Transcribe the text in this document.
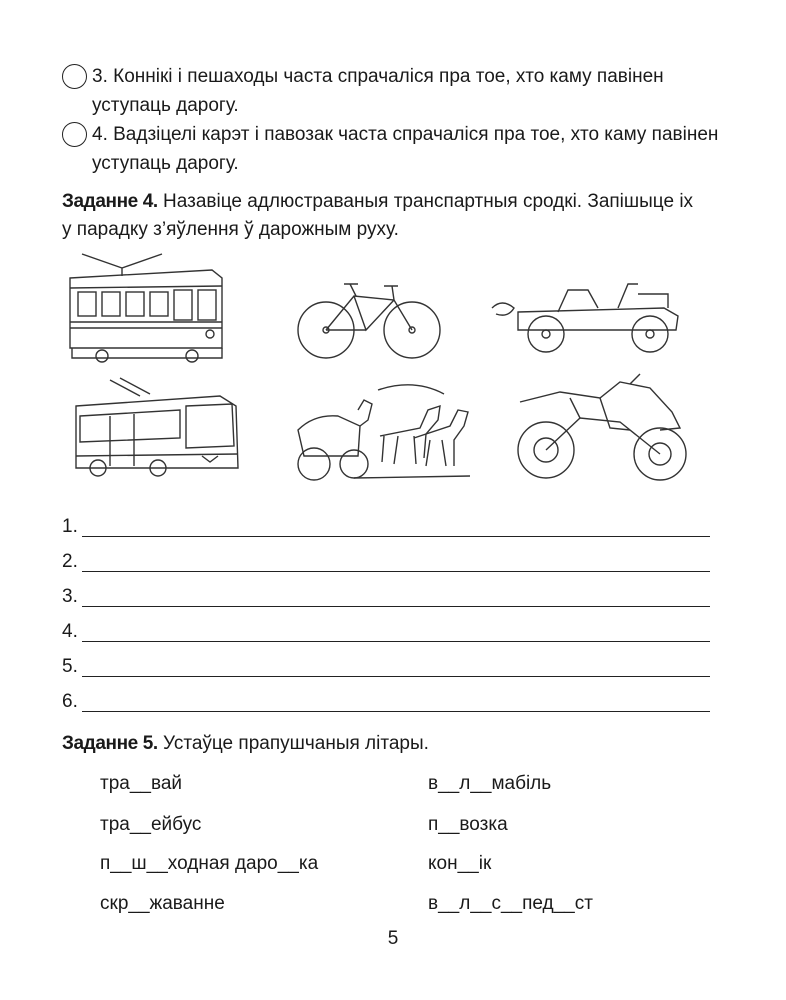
3. Коннікі і пешаходы часта спрачаліся пра тое, хто каму павінен
уступаць дарогу.
4. Вадзіцелі карэт і павозак часта спрачаліся пра тое, хто каму павінен
уступаць дарогу.
Заданне 4. Назавіце адлюстраваныя транспартныя сродкі. Запішыце іх
у парадку з’яўлення ў дарожным руху.
1.
2.
3.
4.
5.
6.
Заданне 5. Устаўце прапушчаныя літары.
тра__вай
тра__ейбус
п__ш__ходная даро__ка
скр__жаванне
в__л__мабіль
п__возка
кон__ік
в__л__с__пед__ст
5
